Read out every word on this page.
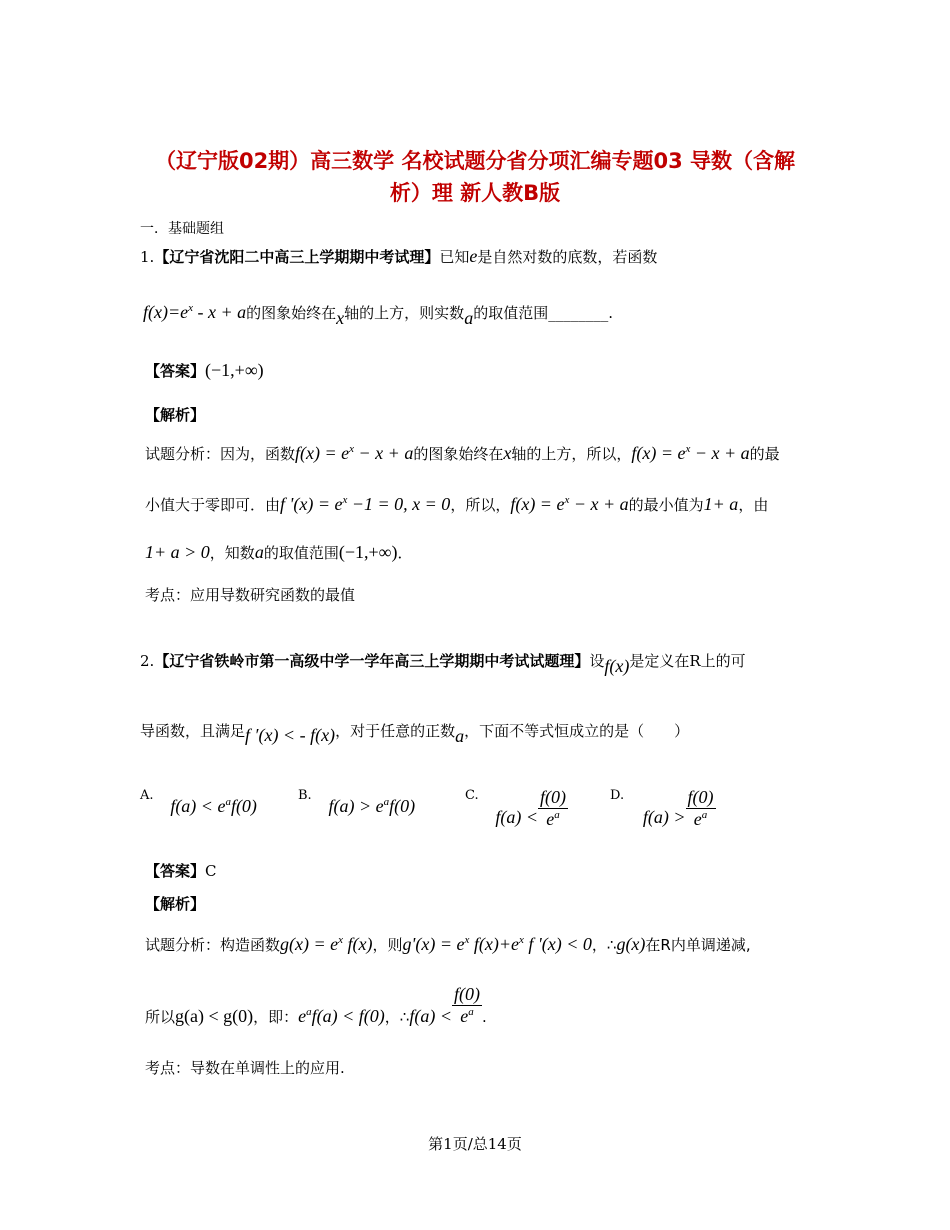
（辽宁版02期）高三数学 名校试题分省分项汇编专题03 导数（含解
析）理 新人教B版
一．基础题组
1.【辽宁省沈阳二中高三上学期期中考试理】已知e是自然对数的底数，若函数
$f(x)=e^x - x + a$的图象始终在x轴的上方，则实数a的取值范围________.
【答案】(−1,+∞)
【解析】
试题分析：因为，函数$f(x) = e^x - x + a$的图象始终在x轴的上方，所以，$f(x) = e^x - x + a$的最
小值大于零即可．由f '$(x) = e^x -1 = 0$, x = 0，所以，$f(x) = e^x - x + a$的最小值为1+ a，由
1+ a > 0，知数a的取值范围(−1,+∞)．
考点：应用导数研究函数的最值
2.【辽宁省铁岭市第一高级中学一学年高三上学期期中考试试题理】设f(x)是定义在R上的可
导函数，且满足f ′(x) < - f(x)，对于任意的正数a，下面不等式恒成立的是（　　）
A. $f(a) < e^af(0)$
B. $f(a) > e^af(0)$
C. $f(a) < \frac{f(0)}{e^a}$	D. $f(a) > \frac{f(0)}{e^a}$
【答案】C
【解析】
试题分析：构造函数$g(x) = e^x$ f(x)，则$g'(x) = e^x$ $f(x)+e^x$ f '(x) < 0，∴g(x)在R内单调递减,
所以g(a) < g(0)，即：$e^af(a) < f(0)$，∴f(a) < $\frac{f(0)}{e^a}$ .
考点：导数在单调性上的应用.
第1页/总14页
